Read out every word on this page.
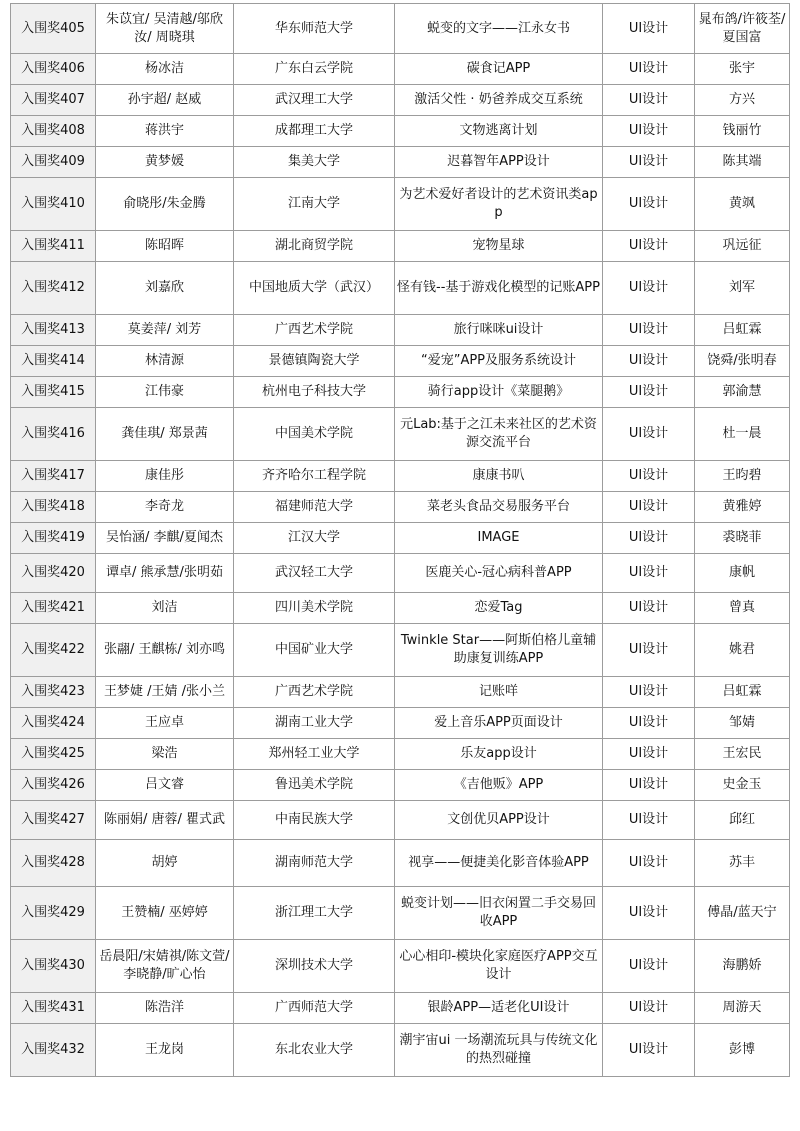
入围奖405	朱苡宜/ 吴清越/邬欣汝/ 周晓琪	华东师范大学	蜕变的文字——江永女书	UI设计	晁布鸽/许筱荃/夏国富
入围奖406	杨冰洁	广东白云学院	碳食记APP	UI设计	张宇
入围奖407	孙宇超/ 赵威	武汉理工大学	激活父性 · 奶爸养成交互系统	UI设计	方兴
入围奖408	蒋洪宇	成都理工大学	文物逃离计划	UI设计	钱丽竹
入围奖409	黄梦媛	集美大学	迟暮智年APP设计	UI设计	陈其端
入围奖410	俞晓彤/朱金腾	江南大学	为艺术爱好者设计的艺术资讯类app	UI设计	黄飒
入围奖411	陈昭晖	湖北商贸学院	宠物星球	UI设计	巩远征
入围奖412	刘嘉欣	中国地质大学（武汉）	怪有钱--基于游戏化模型的记账APP	UI设计	刘军
入围奖413	莫姜萍/ 刘芳	广西艺术学院	旅行咪咪ui设计	UI设计	吕虹霖
入围奖414	林清源	景德镇陶瓷大学	“爱宠”APP及服务系统设计	UI设计	饶舜/张明春
入围奖415	江伟豪	杭州电子科技大学	骑行app设计《菜腿鹅》	UI设计	郭渝慧
入围奖416	龚佳琪/ 郑景茜	中国美术学院	元Lab:基于之江未来社区的艺术资源交流平台	UI设计	杜一晨
入围奖417	康佳彤	齐齐哈尔工程学院	康康书叭	UI设计	王昀碧
入围奖418	李奇龙	福建师范大学	菜老头食品交易服务平台	UI设计	黄雅婷
入围奖419	吴怡涵/ 李麒/夏闻杰	江汉大学	IMAGE	UI设计	裘晓菲
入围奖420	谭卓/ 熊承慧/张明茹	武汉轻工大学	医鹿关心-冠心病科普APP	UI设计	康帆
入围奖421	刘洁	四川美术学院	恋爱Tag	UI设计	曾真
入围奖422	张翮/ 王麒栋/ 刘亦鸣	中国矿业大学	Twinkle Star——阿斯伯格儿童辅助康复训练APP	UI设计	姚君
入围奖423	王梦婕 /王婧 /张小兰	广西艺术学院	记账咩	UI设计	吕虹霖
入围奖424	王应卓	湖南工业大学	爱上音乐APP页面设计	UI设计	邹婧
入围奖425	梁浩	郑州轻工业大学	乐友app设计	UI设计	王宏民
入围奖426	吕文睿	鲁迅美术学院	《吉他贩》APP	UI设计	史金玉
入围奖427	陈丽娟/ 唐蓉/ 瞿式武	中南民族大学	文创优贝APP设计	UI设计	邱红
入围奖428	胡婷	湖南师范大学	视享——便捷美化影音体验APP	UI设计	苏丰
入围奖429	王赞楠/ 巫婷婷	浙江理工大学	蜕变计划——旧衣闲置二手交易回收APP	UI设计	傅晶/蓝天宁
入围奖430	岳晨阳/宋婧祺/陈文萱/李晓静/旷心怡	深圳技术大学	心心相印-模块化家庭医疗APP交互设计	UI设计	海鹏娇
入围奖431	陈浩洋	广西师范大学	银龄APP—适老化UI设计	UI设计	周游天
入围奖432	王龙岗	东北农业大学	潮宇宙ui 一场潮流玩具与传统文化的热烈碰撞	UI设计	彭博
